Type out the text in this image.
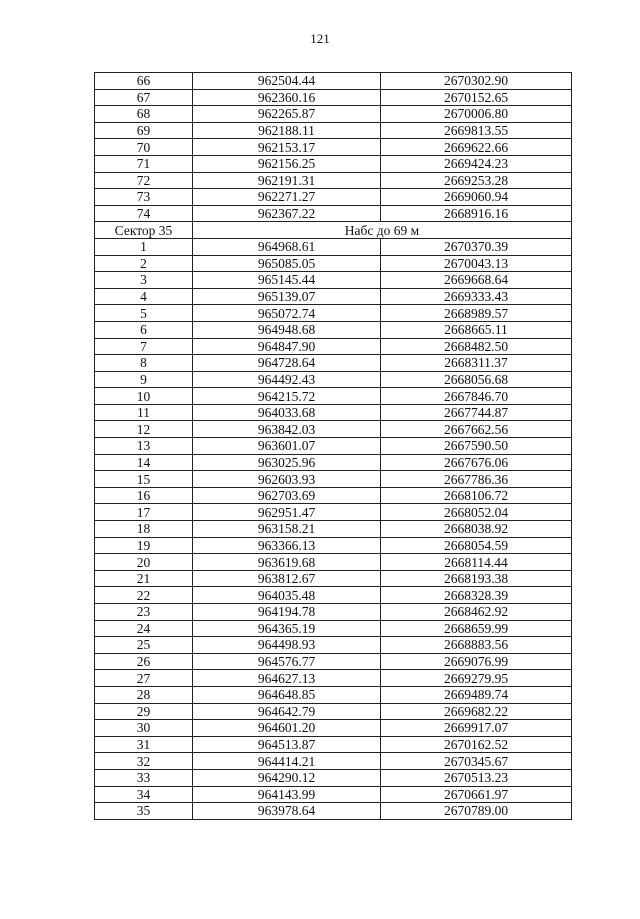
121
66	962504.44	2670302.90
67	962360.16	2670152.65
68	962265.87	2670006.80
69	962188.11	2669813.55
70	962153.17	2669622.66
71	962156.25	2669424.23
72	962191.31	2669253.28
73	962271.27	2669060.94
74	962367.22	2668916.16
Сектор 35	Набс до 69 м	
1	964968.61	2670370.39
2	965085.05	2670043.13
3	965145.44	2669668.64
4	965139.07	2669333.43
5	965072.74	2668989.57
6	964948.68	2668665.11
7	964847.90	2668482.50
8	964728.64	2668311.37
9	964492.43	2668056.68
10	964215.72	2667846.70
11	964033.68	2667744.87
12	963842.03	2667662.56
13	963601.07	2667590.50
14	963025.96	2667676.06
15	962603.93	2667786.36
16	962703.69	2668106.72
17	962951.47	2668052.04
18	963158.21	2668038.92
19	963366.13	2668054.59
20	963619.68	2668114.44
21	963812.67	2668193.38
22	964035.48	2668328.39
23	964194.78	2668462.92
24	964365.19	2668659.99
25	964498.93	2668883.56
26	964576.77	2669076.99
27	964627.13	2669279.95
28	964648.85	2669489.74
29	964642.79	2669682.22
30	964601.20	2669917.07
31	964513.87	2670162.52
32	964414.21	2670345.67
33	964290.12	2670513.23
34	964143.99	2670661.97
35	963978.64	2670789.00
